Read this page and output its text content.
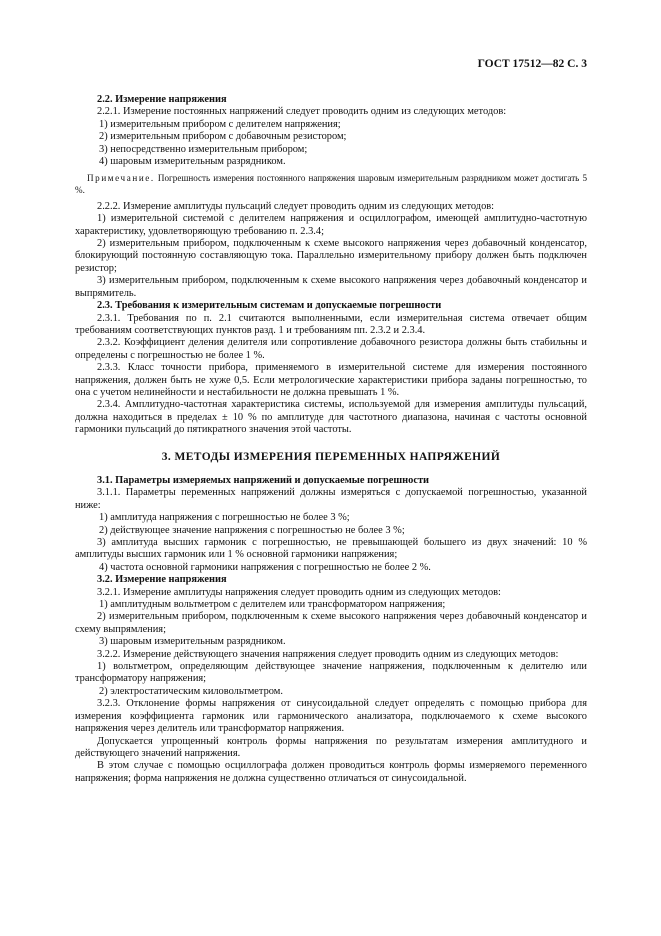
ГОСТ 17512—82 С. 3

2.2. Измерение напряжения

2.2.1. Измерение постоянных напряжений следует проводить одним из следующих методов:

1) измерительным прибором с делителем напряжения;

2) измерительным прибором с добавочным резистором;

3) непосредственно измерительным прибором;

4) шаровым измерительным разрядником.

Примечание. Погрешность измерения постоянного напряжения шаровым измерительным разрядником может достигать 5 %.

2.2.2. Измерение амплитуды пульсаций следует проводить одним из следующих методов:

1) измерительной системой с делителем напряжения и осциллографом, имеющей амплитудно-частотную характеристику, удовлетворяющую требованию п. 2.3.4;

2) измерительным прибором, подключенным к схеме высокого напряжения через добавочный конденсатор, блокирующий постоянную составляющую тока. Параллельно измерительному прибору должен быть подключен резистор;

3) измерительным прибором, подключенным к схеме высокого напряжения через добавочный конденсатор и выпрямитель.

2.3. Требования к измерительным системам и допускаемые погрешности

2.3.1. Требования по п. 2.1 считаются выполненными, если измерительная система отвечает общим требованиям соответствующих пунктов разд. 1 и требованиям пп. 2.3.2 и 2.3.4.

2.3.2. Коэффициент деления делителя или сопротивление добавочного резистора должны быть стабильны и определены с погрешностью не более 1 %.

2.3.3. Класс точности прибора, применяемого в измерительной системе для измерения постоянного напряжения, должен быть не хуже 0,5. Если метрологические характеристики прибора заданы погрешностью, то она с учетом нелинейности и нестабильности не должна превышать 1 %.

2.3.4. Амплитудно-частотная характеристика системы, используемой для измерения амплитуды пульсаций, должна находиться в пределах ± 10 % по амплитуде для частотного диапазона, начиная с частоты основной гармоники пульсаций до пятикратного значения этой частоты.

3. МЕТОДЫ ИЗМЕРЕНИЯ ПЕРЕМЕННЫХ НАПРЯЖЕНИЙ

3.1. Параметры измеряемых напряжений и допускаемые погрешности

3.1.1. Параметры переменных напряжений должны измеряться с допускаемой погрешностью, указанной ниже:

1) амплитуда напряжения с погрешностью не более 3 %;

2) действующее значение напряжения с погрешностью не более 3 %;

3) амплитуда высших гармоник с погрешностью, не превышающей большего из двух значений: 10 % амплитуды высших гармоник или 1 % основной гармоники напряжения;

4) частота основной гармоники напряжения с погрешностью не более 2 %.

3.2. Измерение напряжения

3.2.1. Измерение амплитуды напряжения следует проводить одним из следующих методов:

1) амплитудным вольтметром с делителем или трансформатором напряжения;

2) измерительным прибором, подключенным к схеме высокого напряжения через добавочный конденсатор и схему выпрямления;

3) шаровым измерительным разрядником.

3.2.2. Измерение действующего значения напряжения следует проводить одним из следующих методов:

1) вольтметром, определяющим действующее значение напряжения, подключенным к делителю или трансформатору напряжения;

2) электростатическим киловольтметром.

3.2.3. Отклонение формы напряжения от синусоидальной следует определять с помощью прибора для измерения коэффициента гармоник или гармонического анализатора, подключаемого к схеме высокого напряжения через делитель или трансформатор напряжения.

Допускается упрощенный контроль формы напряжения по результатам измерения амплитудного и действующего значений напряжения.

В этом случае с помощью осциллографа должен проводиться контроль формы измеряемого переменного напряжения; форма напряжения не должна существенно отличаться от синусоидальной.
